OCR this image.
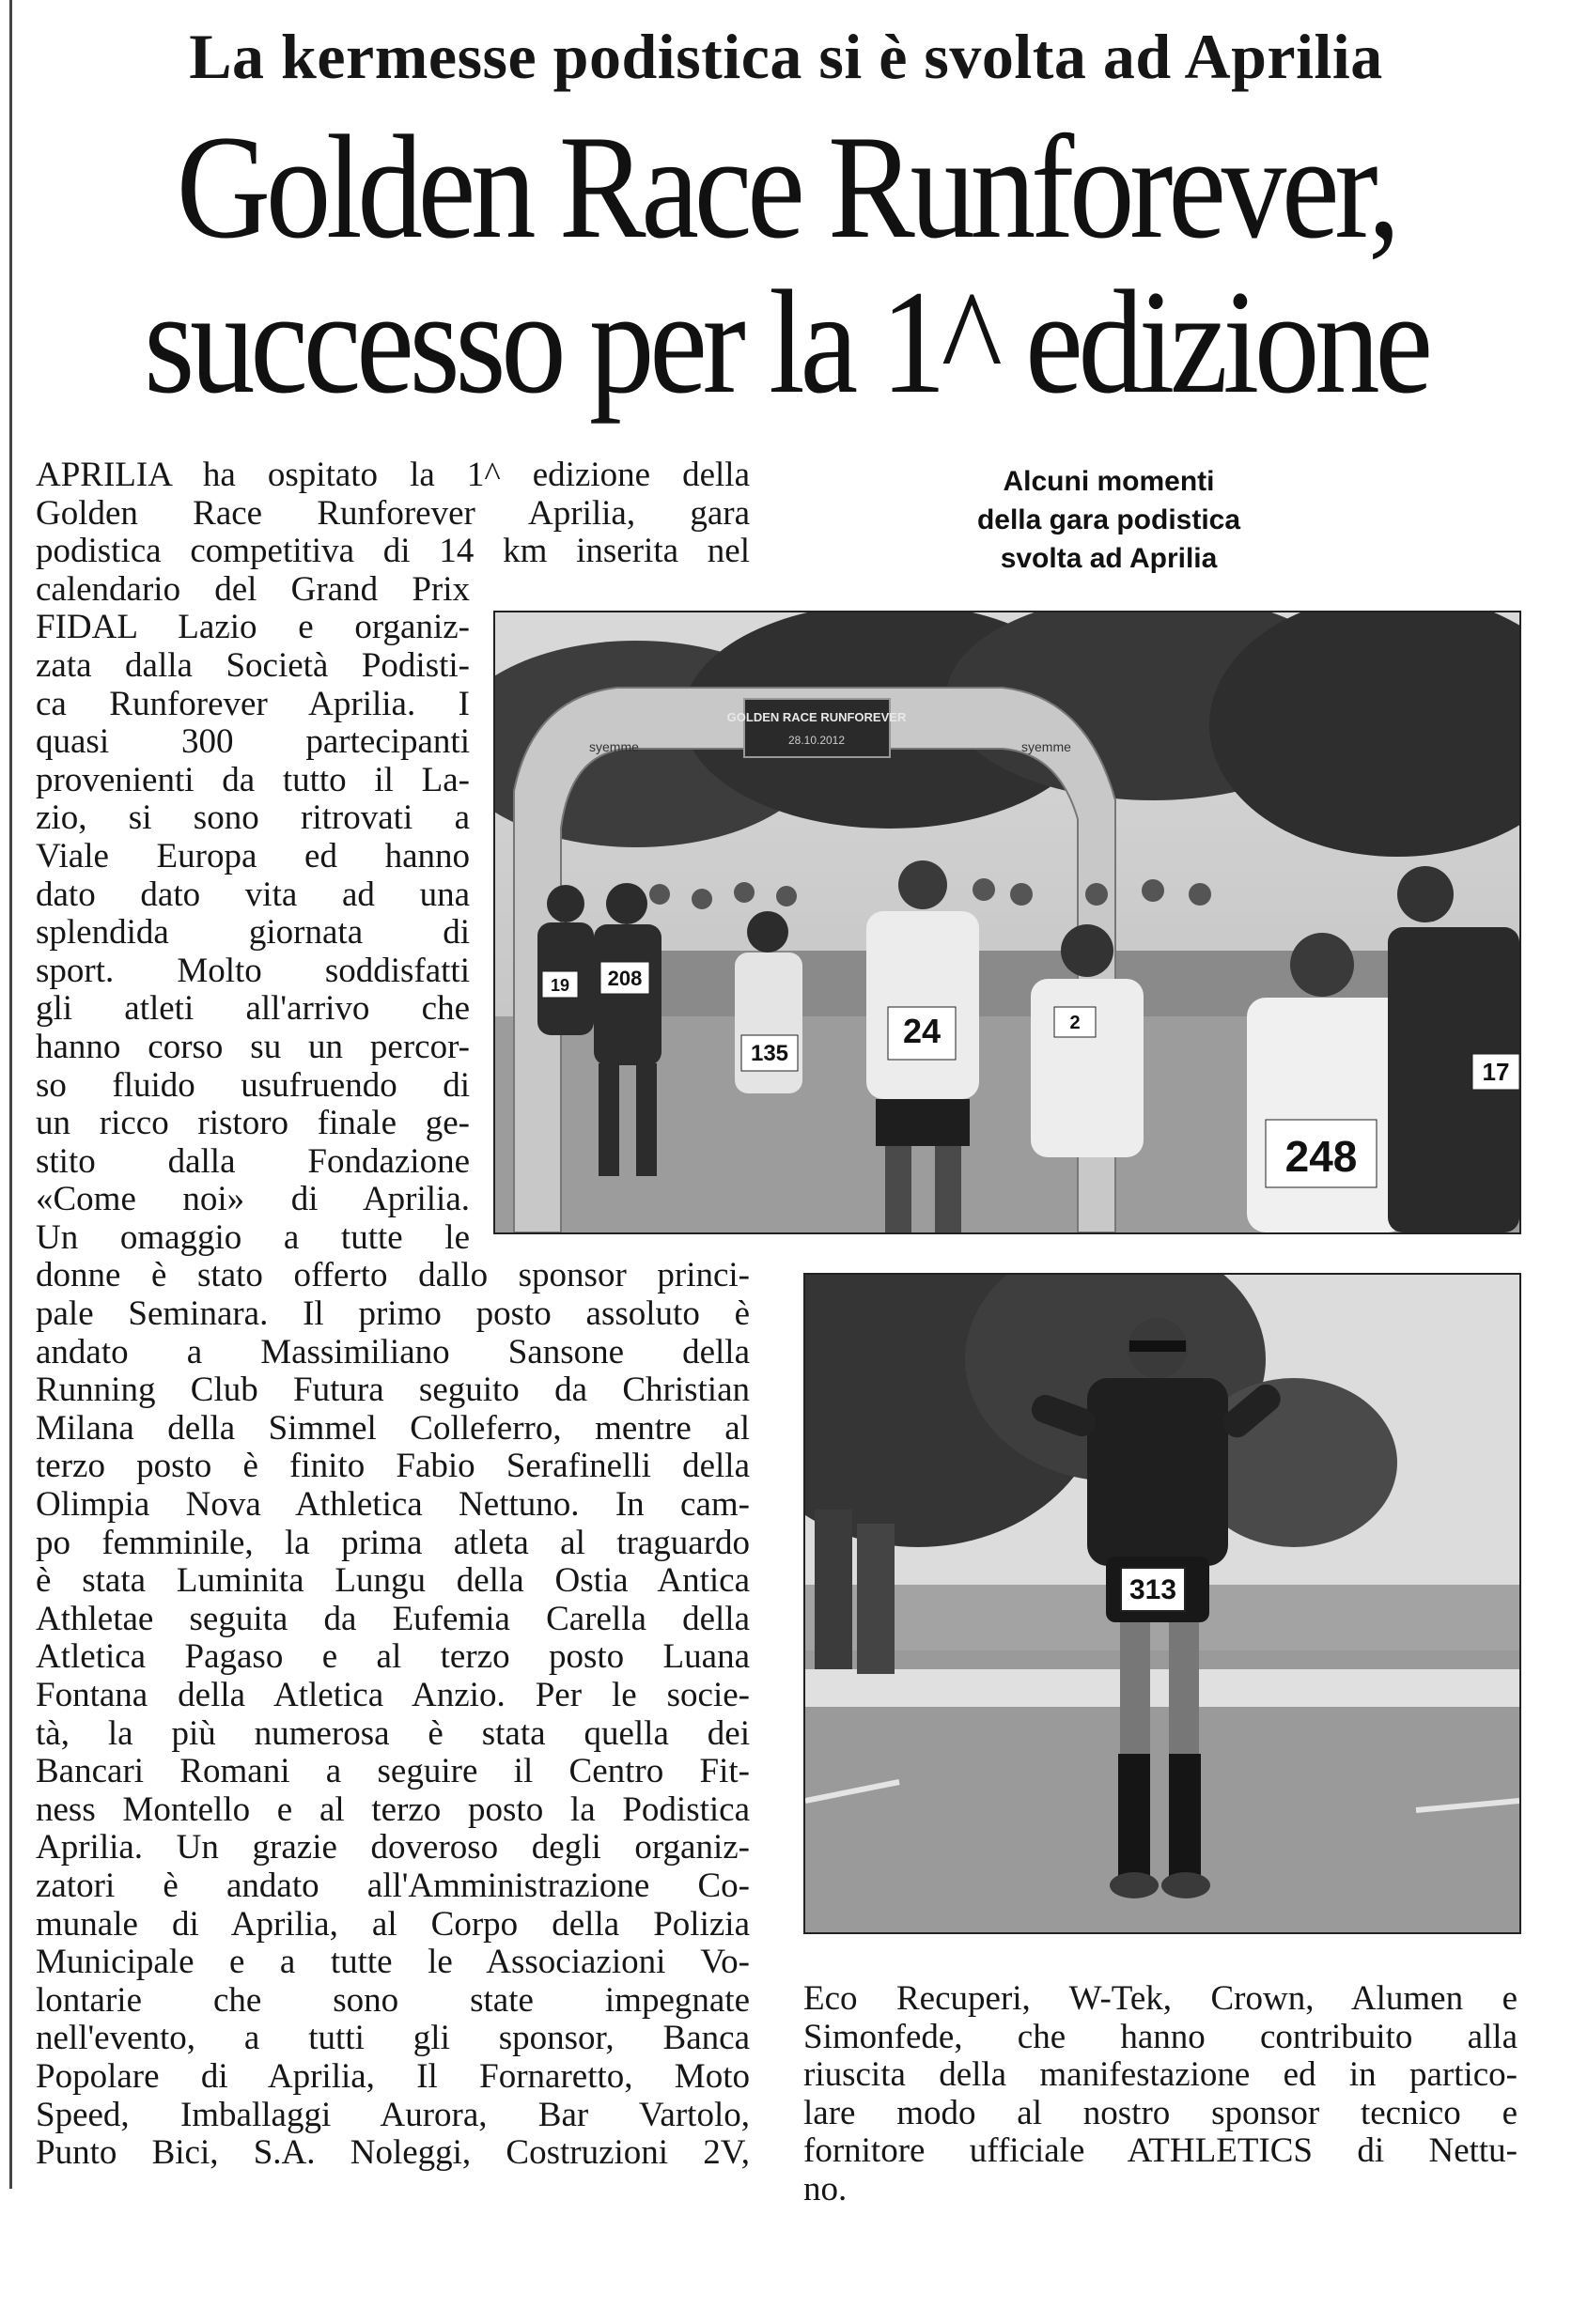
La kermesse podistica si è svolta ad Aprilia
Golden Race Runforever,
successo per la 1^ edizione
Alcuni momenti
della gara podistica
svolta ad Aprilia
APRILIA ha ospitato la 1^ edizione della
Golden Race Runforever Aprilia, gara
podistica competitiva di 14 km inserita nel
calendario del Grand Prix
FIDAL Lazio e organiz-
zata dalla Società Podisti-
ca Runforever Aprilia. I
quasi 300 partecipanti
provenienti da tutto il La-
zio, si sono ritrovati a
Viale Europa ed hanno
dato dato vita ad una
splendida giornata di
sport. Molto soddisfatti
gli atleti all'arrivo che
hanno corso su un percor-
so fluido usufruendo di
un ricco ristoro finale ge-
stito dalla Fondazione
«Come noi» di Aprilia.
Un omaggio a tutte le
donne è stato offerto dallo sponsor princi-
pale Seminara. Il primo posto assoluto è
andato a Massimiliano Sansone della
Running Club Futura seguito da Christian
Milana della Simmel Colleferro, mentre al
terzo posto è finito Fabio Serafinelli della
Olimpia Nova Athletica Nettuno. In cam-
po femminile, la prima atleta al traguardo
è stata Luminita Lungu della Ostia Antica
Athletae seguita da Eufemia Carella della
Atletica Pagaso e al terzo posto Luana
Fontana della Atletica Anzio. Per le socie-
tà, la più numerosa è stata quella dei
Bancari Romani a seguire il Centro Fit-
ness Montello e al terzo posto la Podistica
Aprilia. Un grazie doveroso degli organiz-
zatori è andato all'Amministrazione Co-
munale di Aprilia, al Corpo della Polizia
Municipale e a tutte le Associazioni Vo-
lontarie che sono state impegnate
nell'evento, a tutti gli sponsor, Banca
Popolare di Aprilia, Il Fornaretto, Moto
Speed, Imballaggi Aurora, Bar Vartolo,
Punto Bici, S.A. Noleggi, Costruzioni 2V,
GOLDEN RACE RUNFOREVER
28.10.2012
syemme	syemme
208
135
24
248
19
17
2
313
Eco Recuperi, W-Tek, Crown, Alumen e
Simonfede, che hanno contribuito alla
riuscita della manifestazione ed in partico-
lare modo al nostro sponsor tecnico e
fornitore ufficiale ATHLETICS di Nettu-
no.
